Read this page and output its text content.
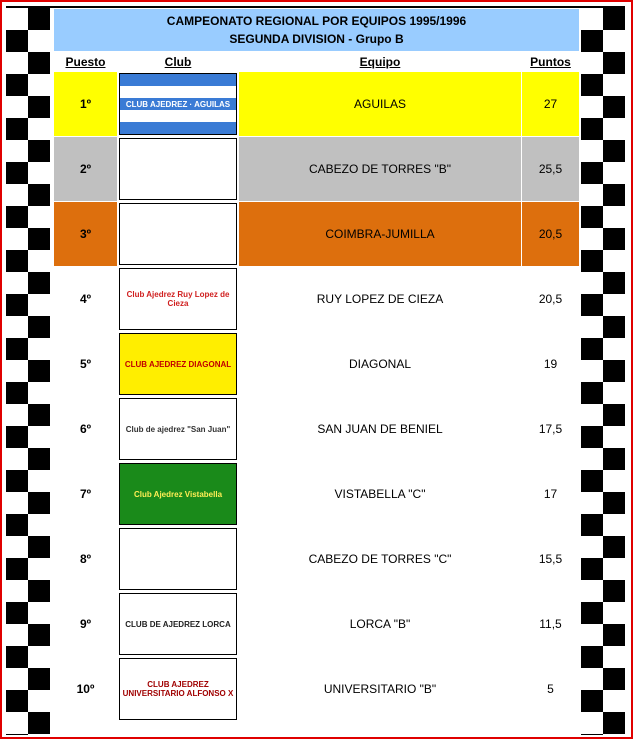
CAMPEONATO REGIONAL POR EQUIPOS 1995/1996
SEGUNDA DIVISION - Grupo B			

Puesto	Club	Equipo	Puntos
1º	CLUB AJEDREZ · AGUILAS	AGUILAS	27
2º		CABEZO DE TORRES "B"	25,5
3º		COIMBRA-JUMILLA	20,5
4º	Club Ajedrez Ruy Lopez de Cieza	RUY LOPEZ DE CIEZA	20,5
5º	CLUB AJEDREZ DIAGONAL	DIAGONAL	19
6º	Club de ajedrez "San Juan"	SAN JUAN DE BENIEL	17,5
7º	Club Ajedrez Vistabella	VISTABELLA "C"	17
8º		CABEZO DE TORRES "C"	15,5
9º	CLUB DE AJEDREZ LORCA	LORCA "B"	11,5
10º	CLUB AJEDREZ UNIVERSITARIO ALFONSO X	UNIVERSITARIO "B"	5
